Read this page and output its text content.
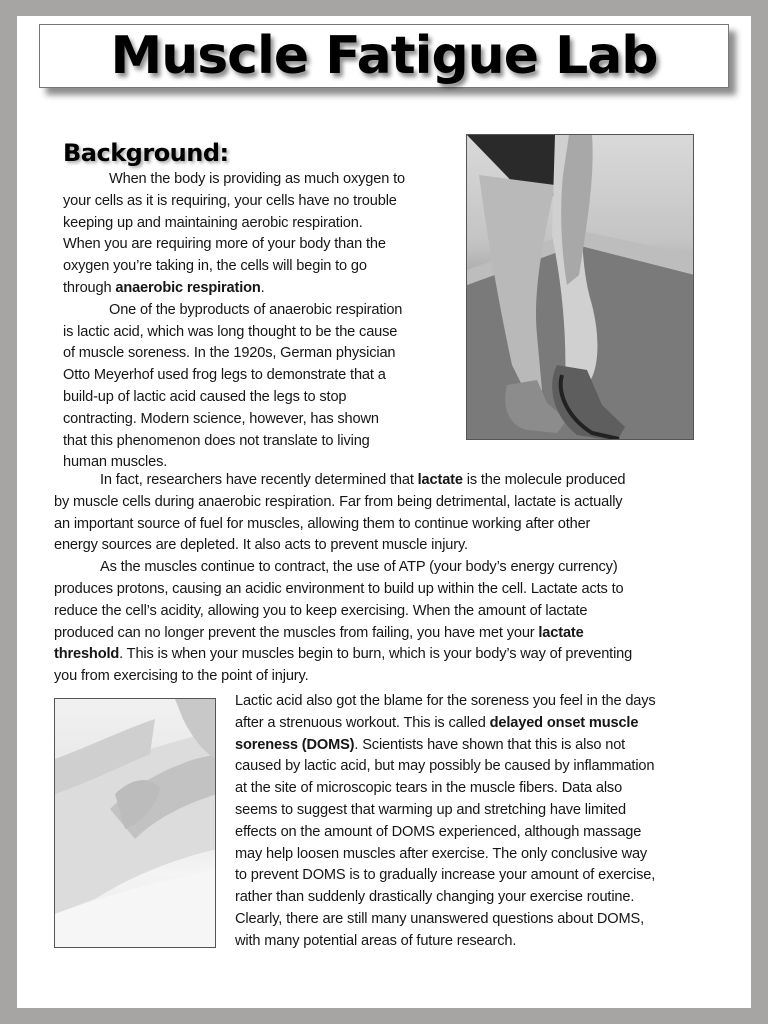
Muscle Fatigue Lab
Background:
When the body is providing as much oxygen to
your cells as it is requiring, your cells have no trouble
keeping up and maintaining aerobic respiration.
When you are requiring more of your body than the
oxygen you’re taking in, the cells will begin to go
through anaerobic respiration.
One of the byproducts of anaerobic respiration
is lactic acid, which was long thought to be the cause
of muscle soreness. In the 1920s, German physician
Otto Meyerhof used frog legs to demonstrate that a
build-up of lactic acid caused the legs to stop
contracting. Modern science, however, has shown
that this phenomenon does not translate to living
human muscles.
In fact, researchers have recently determined that lactate is the molecule produced
by muscle cells during anaerobic respiration. Far from being detrimental, lactate is actually
an important source of fuel for muscles, allowing them to continue working after other
energy sources are depleted. It also acts to prevent muscle injury.
As the muscles continue to contract, the use of ATP (your body’s energy currency)
produces protons, causing an acidic environment to build up within the cell. Lactate acts to
reduce the cell’s acidity, allowing you to keep exercising. When the amount of lactate
produced can no longer prevent the muscles from failing, you have met your lactate
threshold. This is when your muscles begin to burn, which is your body’s way of preventing
you from exercising to the point of injury.
Lactic acid also got the blame for the soreness you feel in the days
after a strenuous workout. This is called delayed onset muscle
soreness (DOMS). Scientists have shown that this is also not
caused by lactic acid, but may possibly be caused by inflammation
at the site of microscopic tears in the muscle fibers. Data also
seems to suggest that warming up and stretching have limited
effects on the amount of DOMS experienced, although massage
may help loosen muscles after exercise. The only conclusive way
to prevent DOMS is to gradually increase your amount of exercise,
rather than suddenly drastically changing your exercise routine.
Clearly, there are still many unanswered questions about DOMS,
with many potential areas of future research.
